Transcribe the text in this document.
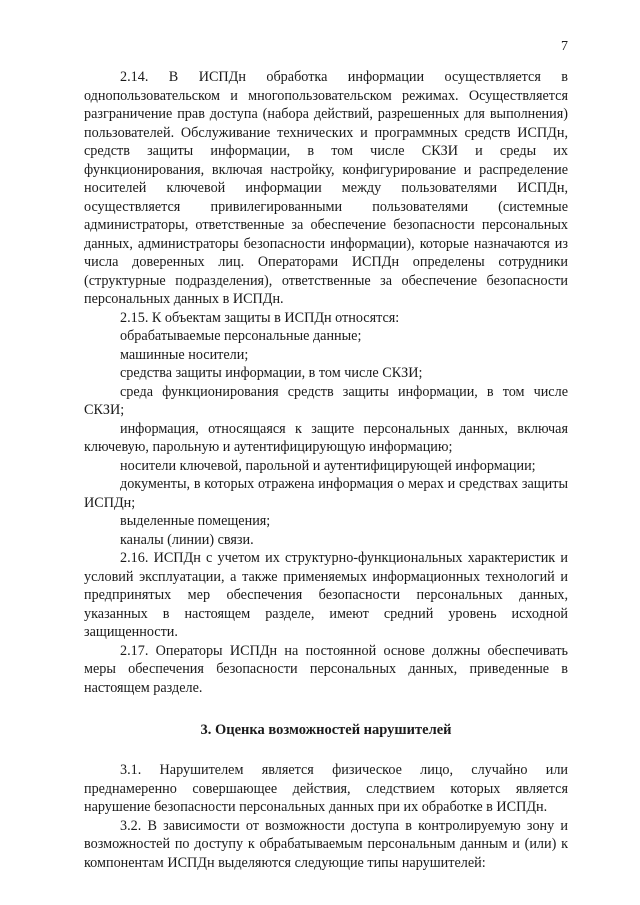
7

2.14. В ИСПДн обработка информации осуществляется в однопользовательском и многопользовательском режимах. Осуществляется разграничение прав доступа (набора действий, разрешенных для выполнения) пользователей. Обслуживание технических и программных средств ИСПДн, средств защиты информации, в том числе СКЗИ и среды их функционирования, включая настройку, конфигурирование и распределение носителей ключевой информации между пользователями ИСПДн, осуществляется привилегированными пользователями (системные администраторы, ответственные за обеспечение безопасности персональных данных, администраторы безопасности информации), которые назначаются из числа доверенных лиц. Операторами ИСПДн определены сотрудники (структурные подразделения), ответственные за обеспечение безопасности персональных данных в ИСПДн.

2.15. К объектам защиты в ИСПДн относятся:

обрабатываемые персональные данные;

машинные носители;

средства защиты информации, в том числе СКЗИ;

среда функционирования средств защиты информации, в том числе СКЗИ;

информация, относящаяся к защите персональных данных, включая ключевую, парольную и аутентифицирующую информацию;

носители ключевой, парольной и аутентифицирующей информации;

документы, в которых отражена информация о мерах и средствах защиты ИСПДн;

выделенные помещения;

каналы (линии) связи.

2.16. ИСПДн с учетом их структурно-функциональных характеристик и условий эксплуатации, а также применяемых информационных технологий и предпринятых мер обеспечения безопасности персональных данных, указанных в настоящем разделе, имеют средний уровень исходной защищенности.

2.17. Операторы ИСПДн на постоянной основе должны обеспечивать меры обеспечения безопасности персональных данных, приведенные в настоящем разделе.

3. Оценка возможностей нарушителей

3.1. Нарушителем является физическое лицо, случайно или преднамеренно совершающее действия, следствием которых является нарушение безопасности персональных данных при их обработке в ИСПДн.

3.2. В зависимости от возможности доступа в контролируемую зону и возможностей по доступу к обрабатываемым персональным данным и (или) к компонентам ИСПДн выделяются следующие типы нарушителей:
